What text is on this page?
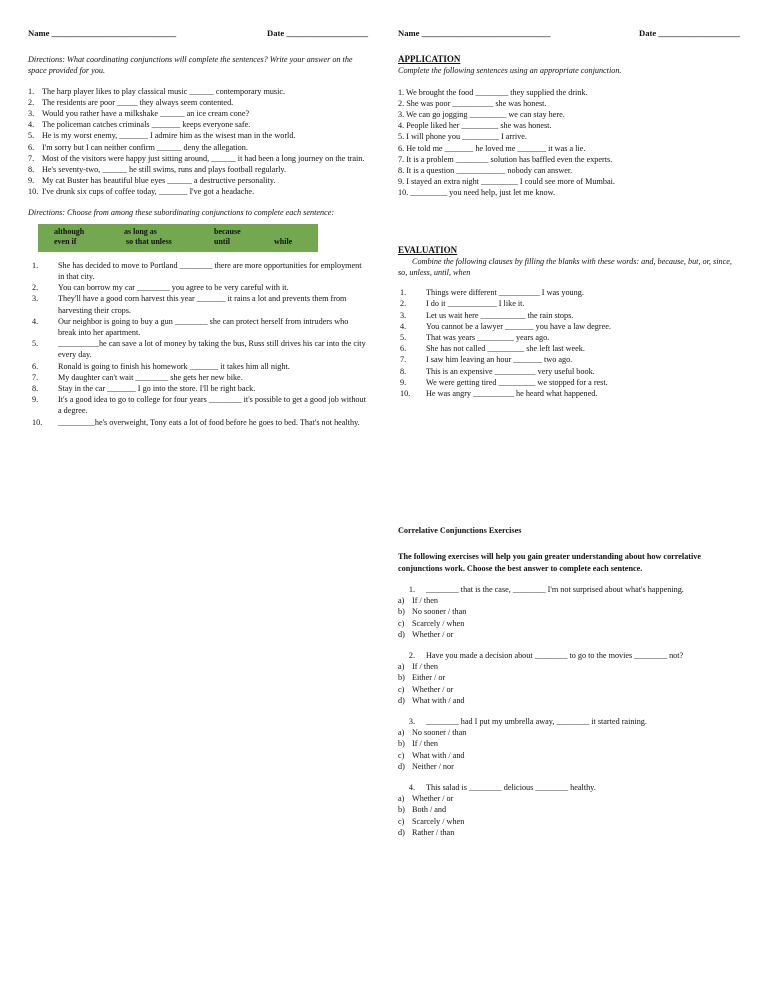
Name _____________________________	Date ___________________
Directions: What coordinating conjunctions will complete the sentences? Write your answer on the space provided for you.
1. The harp player likes to play classical music ______ contemporary music.
2. The residents are poor _____ they always seem contented.
3. Would you rather have a milkshake ______ an ice cream cone?
4. The policeman catches criminals _______ keeps everyone safe.
5. He is my worst enemy, _______ I admire him as the wisest man in the world.
6. I'm sorry but I can neither confirm ______ deny the allegation.
7. Most of the visitors were happy just sitting around, ______ it had been a long journey on the train.
8. He's seventy-two, ______ he still swims, runs and plays football regularly.
9. My cat Buster has beautiful blue eyes ______ a destructive personality.
10. I've drunk six cups of coffee today, _______ I've got a headache.
Directions: Choose from among these subordinating conjunctions to complete each sentence:
although	as long as	because
even if	so that unless	until	while
1.	She has decided to move to Portland ________ there are more opportunities for employment in that city.
2.	You can borrow my car ________ you agree to be very careful with it.
3.	They'll have a good corn harvest this year _______ it rains a lot and prevents them from harvesting their crops.
4.	Our neighbor is going to buy a gun ________ she can protect herself from intruders who break into her apartment.
5.	__________he can save a lot of money by taking the bus, Russ still drives his car into the city every day.
6.	Ronald is going to finish his homework _______ it takes him all night.
7.	My daughter can't wait ________ she gets her new bike.
8.	Stay in the car _______ I go into the store. I'll be right back.
9.	It's a good idea to go to college for four years ________ it's possible to get a good job without a degree.
10.	_________he's overweight, Tony eats a lot of food before he goes to bed. That's not healthy.
Name ______________________________	Date ___________________
APPLICATION
Complete the following sentences using an appropriate conjunction.
1. We brought the food ________ they supplied the drink.
2. She was poor __________ she was honest.
3. We can go jogging _________ we can stay here.
4. People liked her _________ she was honest.
5. I will phone you _________ I arrive.
6. He told me _______ he loved me _______ it was a lie.
7. It is a problem ________ solution has baffled even the experts.
8. It is a question ____________ nobody can answer.
9. I stayed an extra night _________ I could see more of Mumbai.
10. _________ you need help, just let me know.
EVALUATION
Combine the following clauses by filling the blanks with these words: and, because, but, or, since, so, unless, until, when
1.	Things were different __________ I was young.
2.	I do it ____________ I like it.
3.	Let us wait here ___________ the rain stops.
4.	You cannot be a lawyer _______ you have a law degree.
5.	That was years _________ years ago.
6.	She has not called _________ she left last week.
7.	I saw him leaving an hour _______ two ago.
8.	This is an expensive __________ very useful book.
9.	We were getting tired _________ we stopped for a rest.
10.	He was angry __________ he heard what happened.
Correlative Conjunctions Exercises
The following exercises will help you gain greater understanding about how correlative conjunctions work. Choose the best answer to complete each sentence.
1.	________ that is the case, ________ I'm not surprised about what's happening.
a) If / then
b) No sooner / than
c) Scarcely / when
d) Whether / or
2.	Have you made a decision about ________ to go to the movies ________ not?
a) If / then
b) Either / or
c) Whether / or
d) What with / and
3.	________ had I put my umbrella away, ________ it started raining.
a) No sooner / than
b) If / then
c) What with / and
d) Neither / nor
4.	This salad is ________ delicious ________ healthy.
a) Whether / or
b) Both / and
c) Scarcely / when
d) Rather / than
